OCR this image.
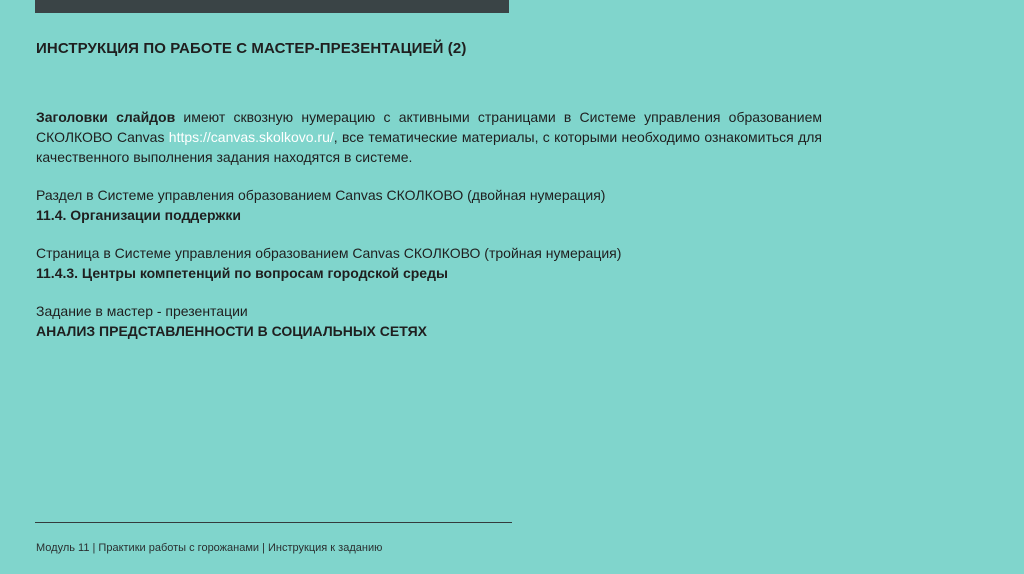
ИНСТРУКЦИЯ ПО РАБОТЕ С МАСТЕР-ПРЕЗЕНТАЦИЕЙ (2)
Заголовки слайдов имеют сквозную нумерацию с активными страницами в Системе управления образованием СКОЛКОВО Canvas https://canvas.skolkovo.ru/, все тематические материалы, с которыми необходимо ознакомиться для качественного выполнения задания находятся в системе.
Раздел в Системе управления образованием Canvas СКОЛКОВО (двойная нумерация)
11.4. Организации поддержки
Страница в Системе управления образованием Canvas СКОЛКОВО (тройная нумерация)
11.4.3. Центры компетенций по вопросам городской среды
Задание в мастер - презентации
АНАЛИЗ ПРЕДСТАВЛЕННОСТИ В СОЦИАЛЬНЫХ СЕТЯХ
Модуль 11 | Практики работы с горожанами | Инструкция к заданию
